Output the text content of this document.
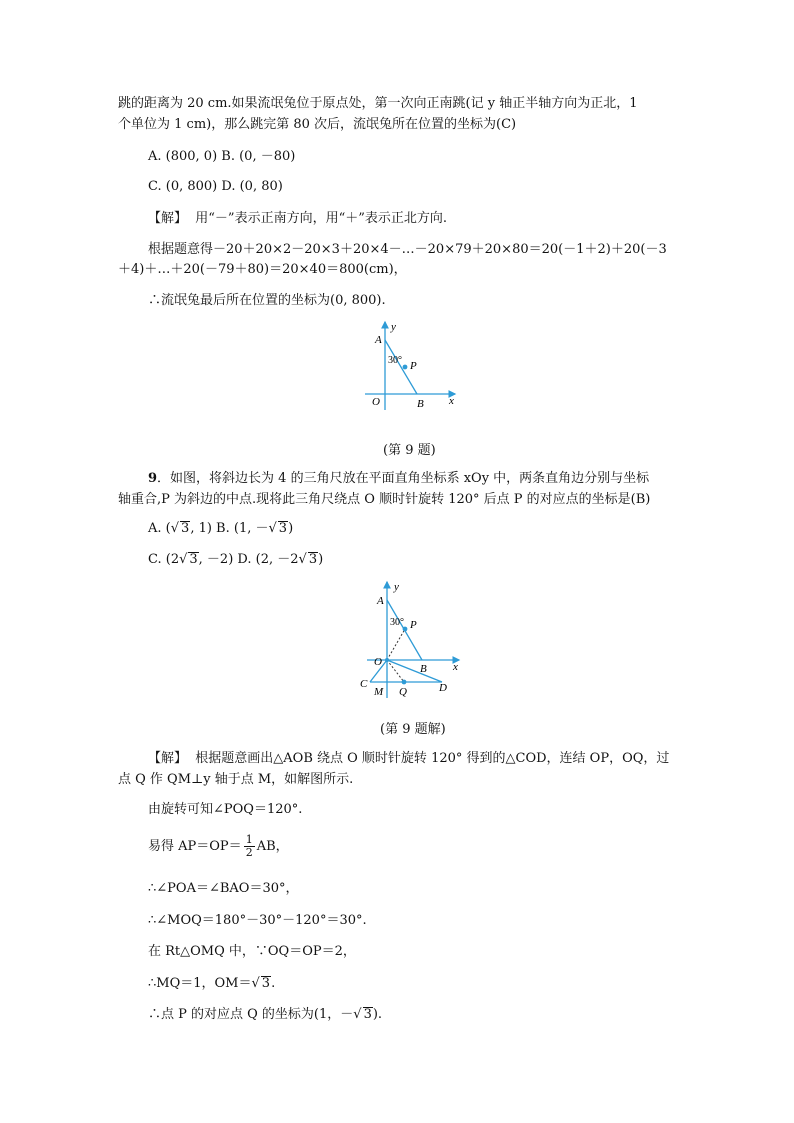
跳的距离为 20 cm.如果流氓兔位于原点处，第一次向正南跳(记 y 轴正半轴方向为正北，1
个单位为 1 cm)，那么跳完第 80 次后，流氓兔所在位置的坐标为(C)
A. (800, 0) B. (0, －80)
C. (0, 800) D. (0, 80)
【解】 用“－”表示正南方向，用“＋”表示正北方向.
根据题意得－20＋20×2－20×3＋20×4－…－20×79＋20×80＝20(－1＋2)＋20(－3
＋4)＋…＋20(－79＋80)＝20×40＝800(cm)，
∴流氓兔最后所在位置的坐标为(0, 800).
A
y
30° P
O	B x
(第 9 题)
9．如图，将斜边长为 4 的三角尺放在平面直角坐标系 xOy 中，两条直角边分别与坐标
轴重合,P 为斜边的中点.现将此三角尺绕点 O 顺时针旋转 120° 后点 P 的对应点的坐标是(B)
A. (√ 3, 1) B. (1, －√ 3)
C. (2√ 3, －2) D. (2, －2√ 3)
A
y
30° P
O
B x
C
M Q	D
(第 9 题解)
【解】 根据题意画出△AOB 绕点 O 顺时针旋转 120° 得到的△COD，连结 OP，OQ，过
点 Q 作 QM⊥y 轴于点 M，如解图所示.
由旋转可知∠POQ＝120°.
易得 $AP=OP= \frac{1}{2}$ AB，
∴∠POA＝∠BAO＝30°，
∴∠MOQ＝180°－30°－120°＝30°.
在 Rt△OMQ 中，∵OQ＝OP＝2，
∴MQ＝1，OM＝√ 3.
∴点 P 的对应点 Q 的坐标为(1，－√ 3).
